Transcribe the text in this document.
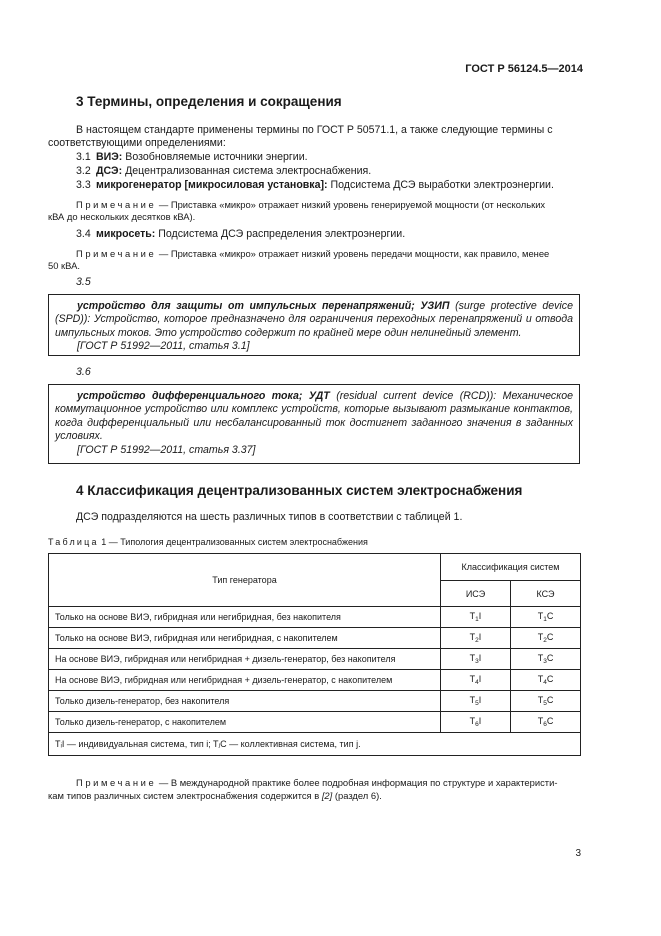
ГОСТ Р 56124.5—2014
3 Термины, определения и сокращения
В настоящем стандарте применены термины по ГОСТ Р 50571.1, а также следующие термины с
соответствующими определениями:
3.1 ВИЭ: Возобновляемые источники энергии.
3.2 ДСЭ: Децентрализованная система электроснабжения.
3.3 микрогенератор [микросиловая установка]: Подсистема ДСЭ выработки электроэнергии.
Примечание — Приставка «микро» отражает низкий уровень генерируемой мощности (от нескольких
кВА до нескольких десятков кВА).
3.4 микросеть: Подсистема ДСЭ распределения электроэнергии.
Примечание — Приставка «микро» отражает низкий уровень передачи мощности, как правило, менее
50 кВА.
3.5

устройство для защиты от импульсных перенапряжений; УЗИП (surge protective device (SPD)): Устройство, которое предназначено для ограничения переходных перенапряжений и отвода импульсных токов. Это устройство содержит по крайней мере один нелинейный элемент.

[ГОСТ Р 51992—2011, статья 3.1]

3.6

устройство дифференциального тока; УДТ (residual current device (RCD)): Механическое коммутационное устройство или комплекс устройств, которые вызывают размыкание контактов, когда дифференциальный или несбалансированный ток достигнет заданного значения в заданных условиях.

[ГОСТ Р 51992—2011, статья 3.37]

4 Классификация децентрализованных систем электроснабжения
ДСЭ подразделяются на шесть различных типов в соответствии с таблицей 1.
Таблица 1 — Типология децентрализованных систем электроснабжения
Тип генератора	Классификация систем	
	ИСЭ	КСЭ
Только на основе ВИЭ, гибридная или негибридная, без накопителя	$T_1I$	$T_1C$
Только на основе ВИЭ, гибридная или негибридная, с накопителем	$T_2I$	$T_2C$
На основе ВИЭ, гибридная или негибридная + дизель-генератор, без накопителя	$T_3I$	$T_3C$
На основе ВИЭ, гибридная или негибридная + дизель-генератор, с накопителем	$T_4I$	$T_4C$
Только дизель-генератор, без накопителя	$T_5I$	$T_5C$
Только дизель-генератор, с накопителем	$T_6I$	$T_6C$
TᵢI — индивидуальная система, тип i; TⱼC — коллективная система, тип j.		
Примечание — В международной практике более подробная информация по структуре и характеристи-
кам типов различных систем электроснабжения содержится в [2] (раздел 6).
3
